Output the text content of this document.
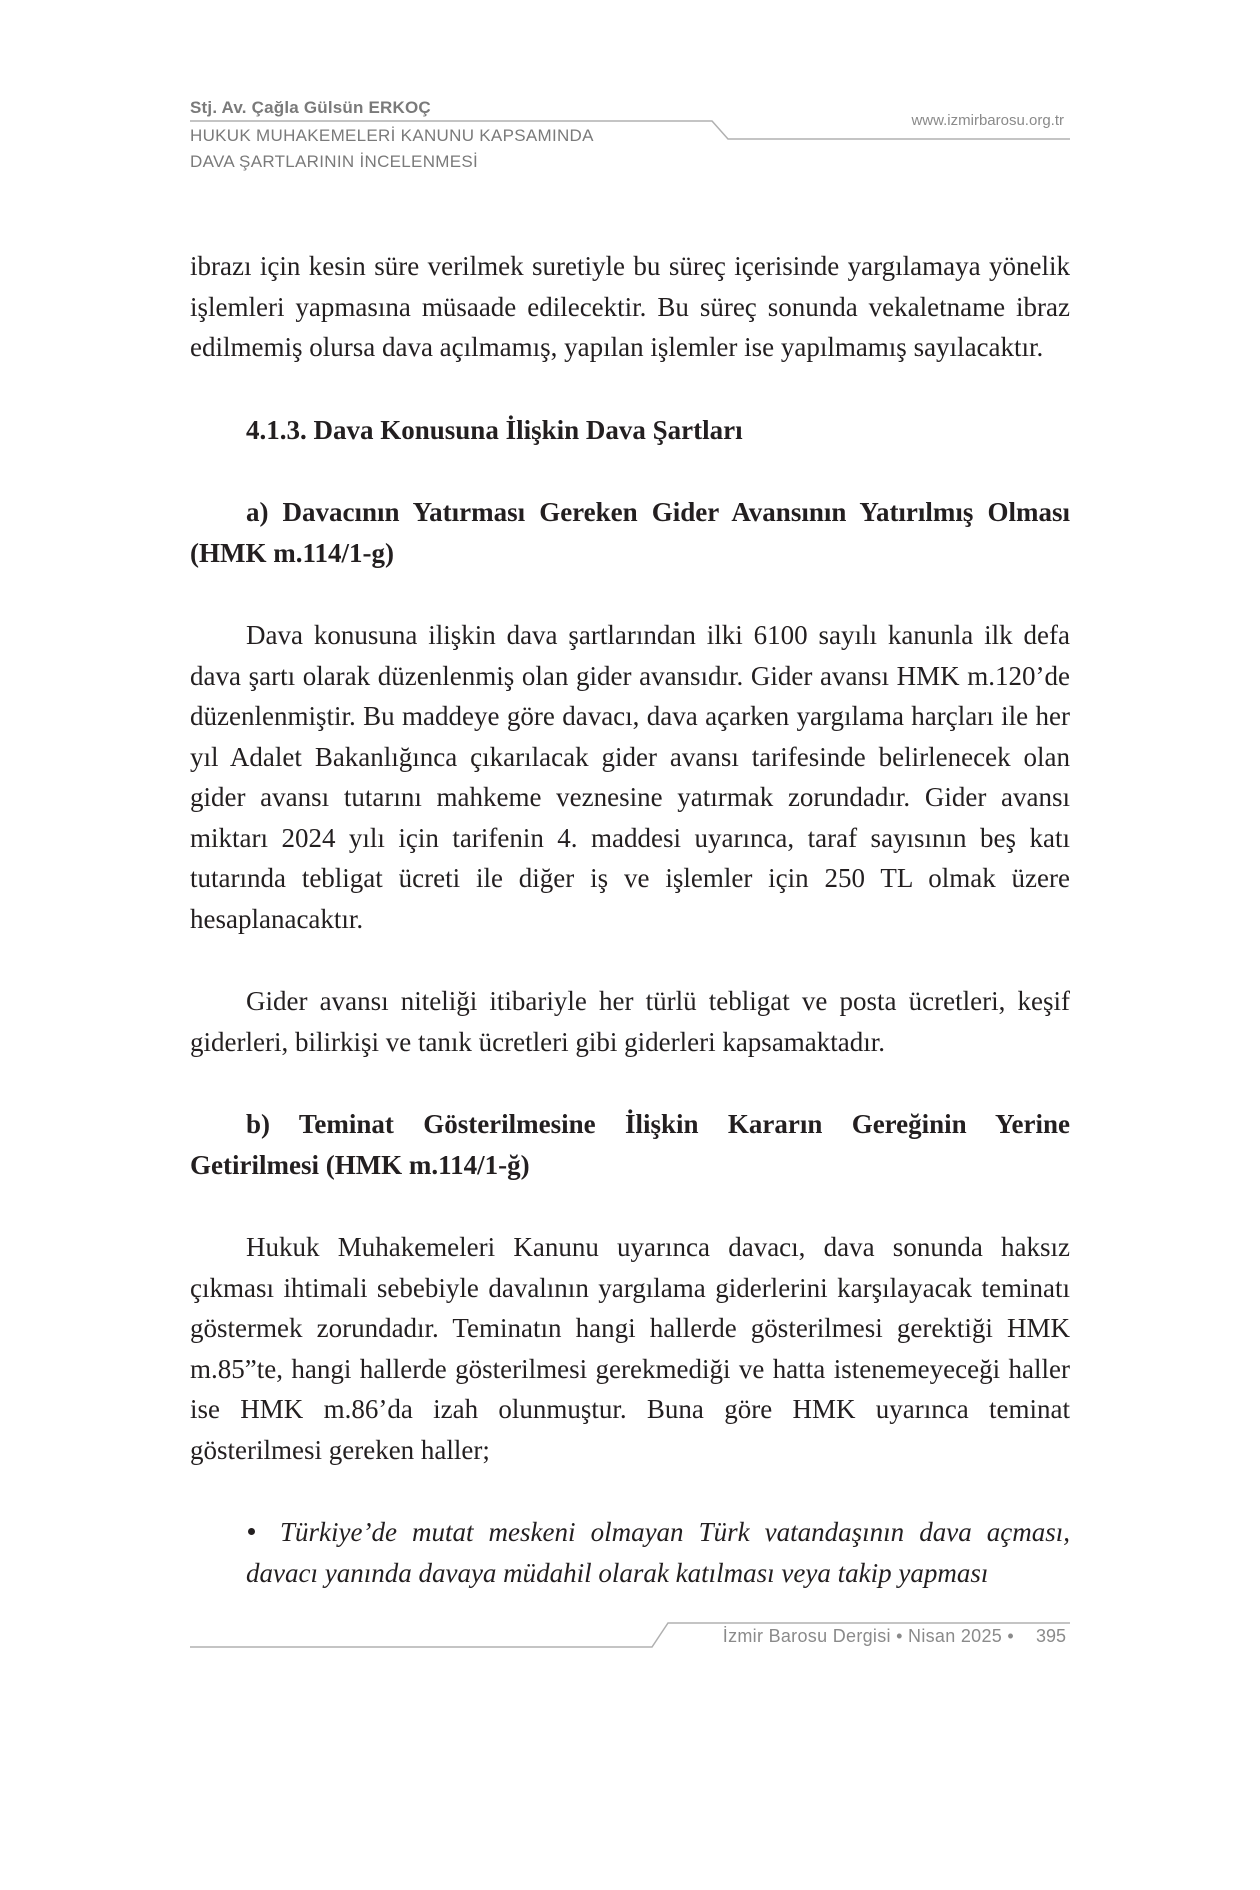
Stj. Av. Çağla Gülsün ERKOÇ
HUKUK MUHAKEMELERİ KANUNU KAPSAMINDA
DAVA ŞARTLARININ İNCELENMESİ
www.izmirbarosu.org.tr

ibrazı için kesin süre verilmek suretiyle bu süreç içerisinde yargılamaya yönelik işlemleri yapmasına müsaade edilecektir. Bu süreç sonunda vekaletname ibraz edilmemiş olursa dava açılmamış, yapılan işlemler ise yapılmamış sayılacaktır.

4.1.3. Dava Konusuna İlişkin Dava Şartları
a) Davacının Yatırması Gereken Gider Avansının Yatırılmış Olması (HMK m.114/1-g)

Dava konusuna ilişkin dava şartlarından ilki 6100 sayılı kanunla ilk defa dava şartı olarak düzenlenmiş olan gider avansıdır. Gider avansı HMK m.120’de düzenlenmiştir. Bu maddeye göre davacı, dava açarken yargılama harçları ile her yıl Adalet Bakanlığınca çıkarılacak gider avansı tarifesinde belirlenecek olan gider avansı tutarını mahkeme veznesine yatırmak zorundadır. Gider avansı miktarı 2024 yılı için tarifenin 4. maddesi uyarınca, taraf sayısının beş katı tutarında tebligat ücreti ile diğer iş ve işlemler için 250 TL olmak üzere hesaplanacaktır.

Gider avansı niteliği itibariyle her türlü tebligat ve posta ücretleri, keşif giderleri, bilirkişi ve tanık ücretleri gibi giderleri kapsamaktadır.

b) Teminat Gösterilmesine İlişkin Kararın Gereğinin Yerine Getirilmesi (HMK m.114/1-ğ)

Hukuk Muhakemeleri Kanunu uyarınca davacı, dava sonunda haksız çıkması ihtimali sebebiyle davalının yargılama giderlerini karşılayacak teminatı göstermek zorundadır. Teminatın hangi hallerde gösterilmesi gerektiği HMK m.85”te, hangi hallerde gösterilmesi gerekmediği ve hatta istenemeyeceği haller ise HMK m.86’da izah olunmuştur. Buna göre HMK uyarınca teminat gösterilmesi gereken haller;

Türkiye’de mutat meskeni olmayan Türk vatandaşının dava açması, davacı yanında davaya müdahil olarak katılması veya takip yapması
İzmir Barosu Dergisi • Nisan 2025 • 395
